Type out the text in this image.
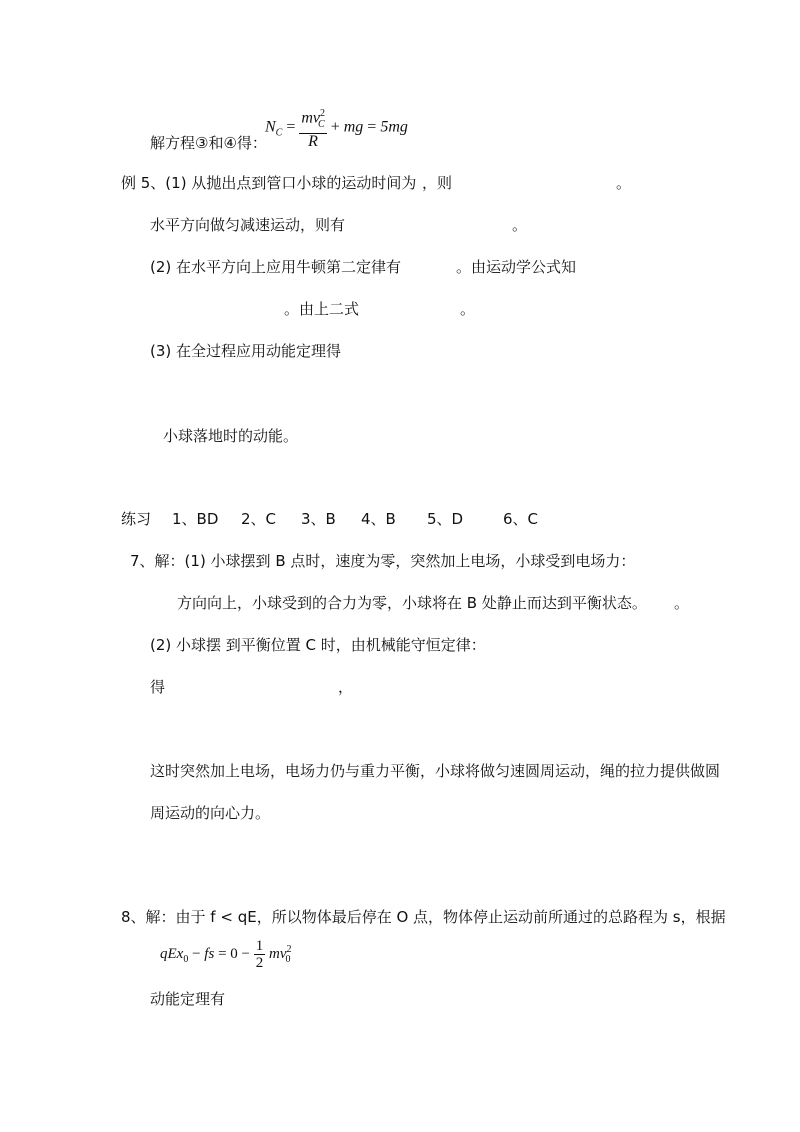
$N_C = \frac{mv^2_C}{R}$ + mg = 5mg
解方程③和④得：
例 5、(1) 从抛出点到管口小球的运动时间为 ，则	。
水平方向做匀减速运动，则有	。
(2) 在水平方向上应用牛顿第二定律有	。由运动学公式知
。由上二式	。
(3) 在全过程应用动能定理得
小球落地时的动能。
练习 1、BD 2、C 3、B 4、B 5、D	6、C
7、解：(1) 小球摆到 B 点时，速度为零，突然加上电场，小球受到电场力：
方向向上，小球受到的合力为零，小球将在 B 处静止而达到平衡状态。 。
(2) 小球摆 到平衡位置 C 时，由机械能守恒定律：
得	，
这时突然加上电场，电场力仍与重力平衡，小球将做匀速圆周运动，绳的拉力提供做圆
周运动的向心力。
8、解：由于 f < qE，所以物体最后停在 O 点，物体停止运动前所通过的总路程为 s，根据
qEx$_0$ − fs = $0 - \frac{1}{2} mv^2_0$
动能定理有
